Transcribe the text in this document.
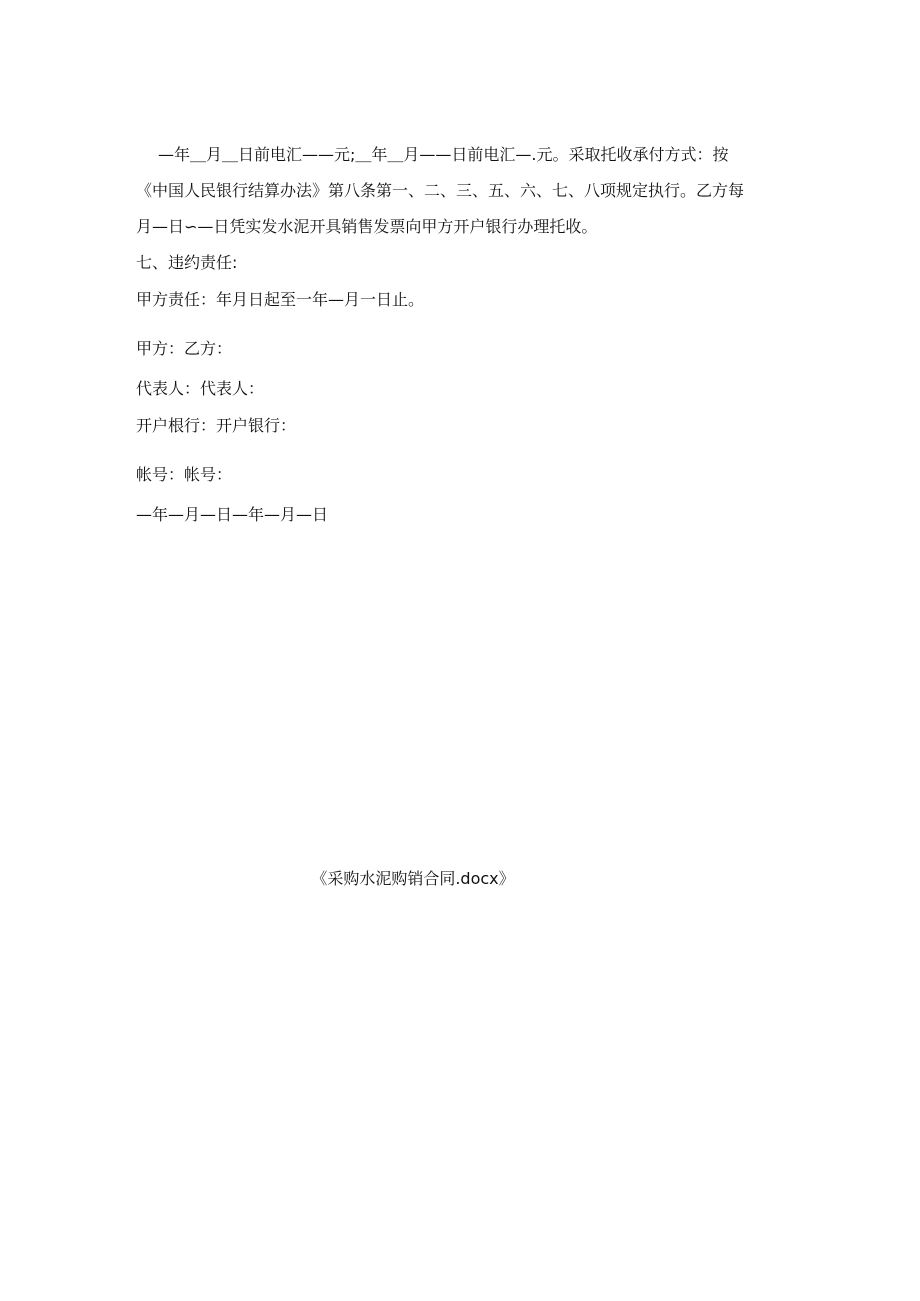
—年＿月＿日前电汇——元;＿年＿月——日前电汇—.元。采取托收承付方式：按
《中国人民银行结算办法》第八条第一、二、三、五、六、七、八项规定执行。乙方每
月—日∽—日凭实发水泥开具销售发票向甲方开户银行办理托收。
七、违约责任:
甲方责任：年月日起至一年—月一日止。
甲方：乙方：
代表人：代表人：
开户根行：开户银行：
帐号：帐号：
—年—月—日—年—月—日
《采购水泥购销合同.docx》
